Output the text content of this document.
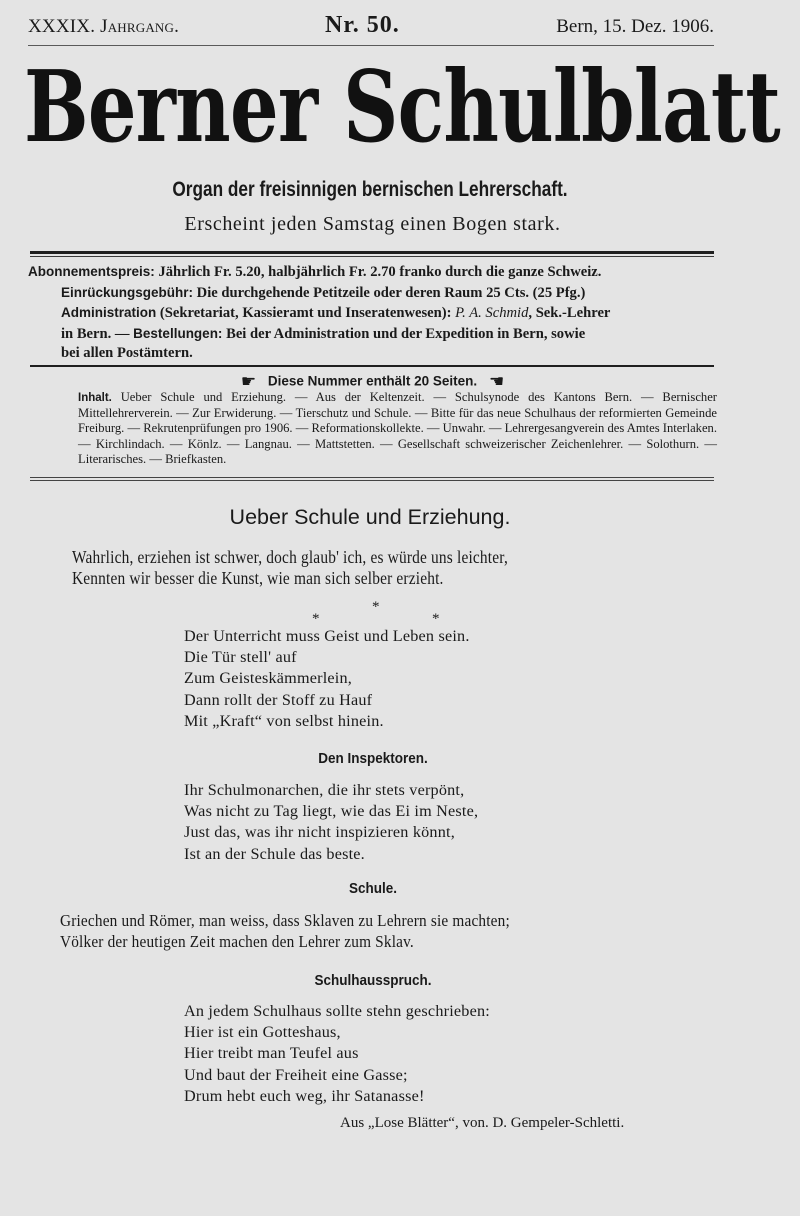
XXXIX. Jahrgang.	Nr. 50.	Bern, 15. Dez. 1906.
Berner Schulblatt
Organ der freisinnigen bernischen Lehrerschaft.
Erscheint jeden Samstag einen Bogen stark.
Abonnementspreis: Jährlich Fr. 5.20, halbjährlich Fr. 2.70 franko durch die ganze Schweiz.
Einrückungsgebühr: Die durchgehende Petitzeile oder deren Raum 25 Cts. (25 Pfg.)
Administration (Sekretariat, Kassieramt und Inseratenwesen): P. A. Schmid, Sek.-Lehrer
in Bern. — Bestellungen: Bei der Administration und der Expedition in Bern, sowie
bei allen Postämtern.
☛ Diese Nummer enthält 20 Seiten. ☛
Inhalt. Ueber Schule und Erziehung. — Aus der Keltenzeit. — Schulsynode des Kantons Bern. — Bernischer Mittellehrerverein. — Zur Erwiderung. — Tierschutz und Schule. — Bitte für das neue Schulhaus der reformierten Gemeinde Freiburg. — Rekrutenprüfungen pro 1906. — Reformationskollekte. — Unwahr. — Lehrergesangverein des Amtes Interlaken. — Kirchlindach. — Könlz. — Langnau. — Mattstetten. — Gesellschaft schweizerischer Zeichenlehrer. — Solothurn. — Literarisches. — Briefkasten.
Ueber Schule und Erziehung.
Wahrlich, erziehen ist schwer, doch glaub' ich, es würde uns leichter,
Kennten wir besser die Kunst, wie man sich selber erzieht.
*
*
*
Der Unterricht muss Geist und Leben sein.
Die Tür stell' auf
Zum Geisteskämmerlein,
Dann rollt der Stoff zu Hauf
Mit „Kraft“ von selbst hinein.
Den Inspektoren.
Ihr Schulmonarchen, die ihr stets verpönt,
Was nicht zu Tag liegt, wie das Ei im Neste,
Just das, was ihr nicht inspizieren könnt,
Ist an der Schule das beste.
Schule.
Griechen und Römer, man weiss, dass Sklaven zu Lehrern sie machten;
Völker der heutigen Zeit machen den Lehrer zum Sklav.
Schulhausspruch.
An jedem Schulhaus sollte stehn geschrieben:
Hier ist ein Gotteshaus,
Hier treibt man Teufel aus
Und baut der Freiheit eine Gasse;
Drum hebt euch weg, ihr Satanasse!
Aus „Lose Blätter“, von. D. Gempeler-Schletti.
